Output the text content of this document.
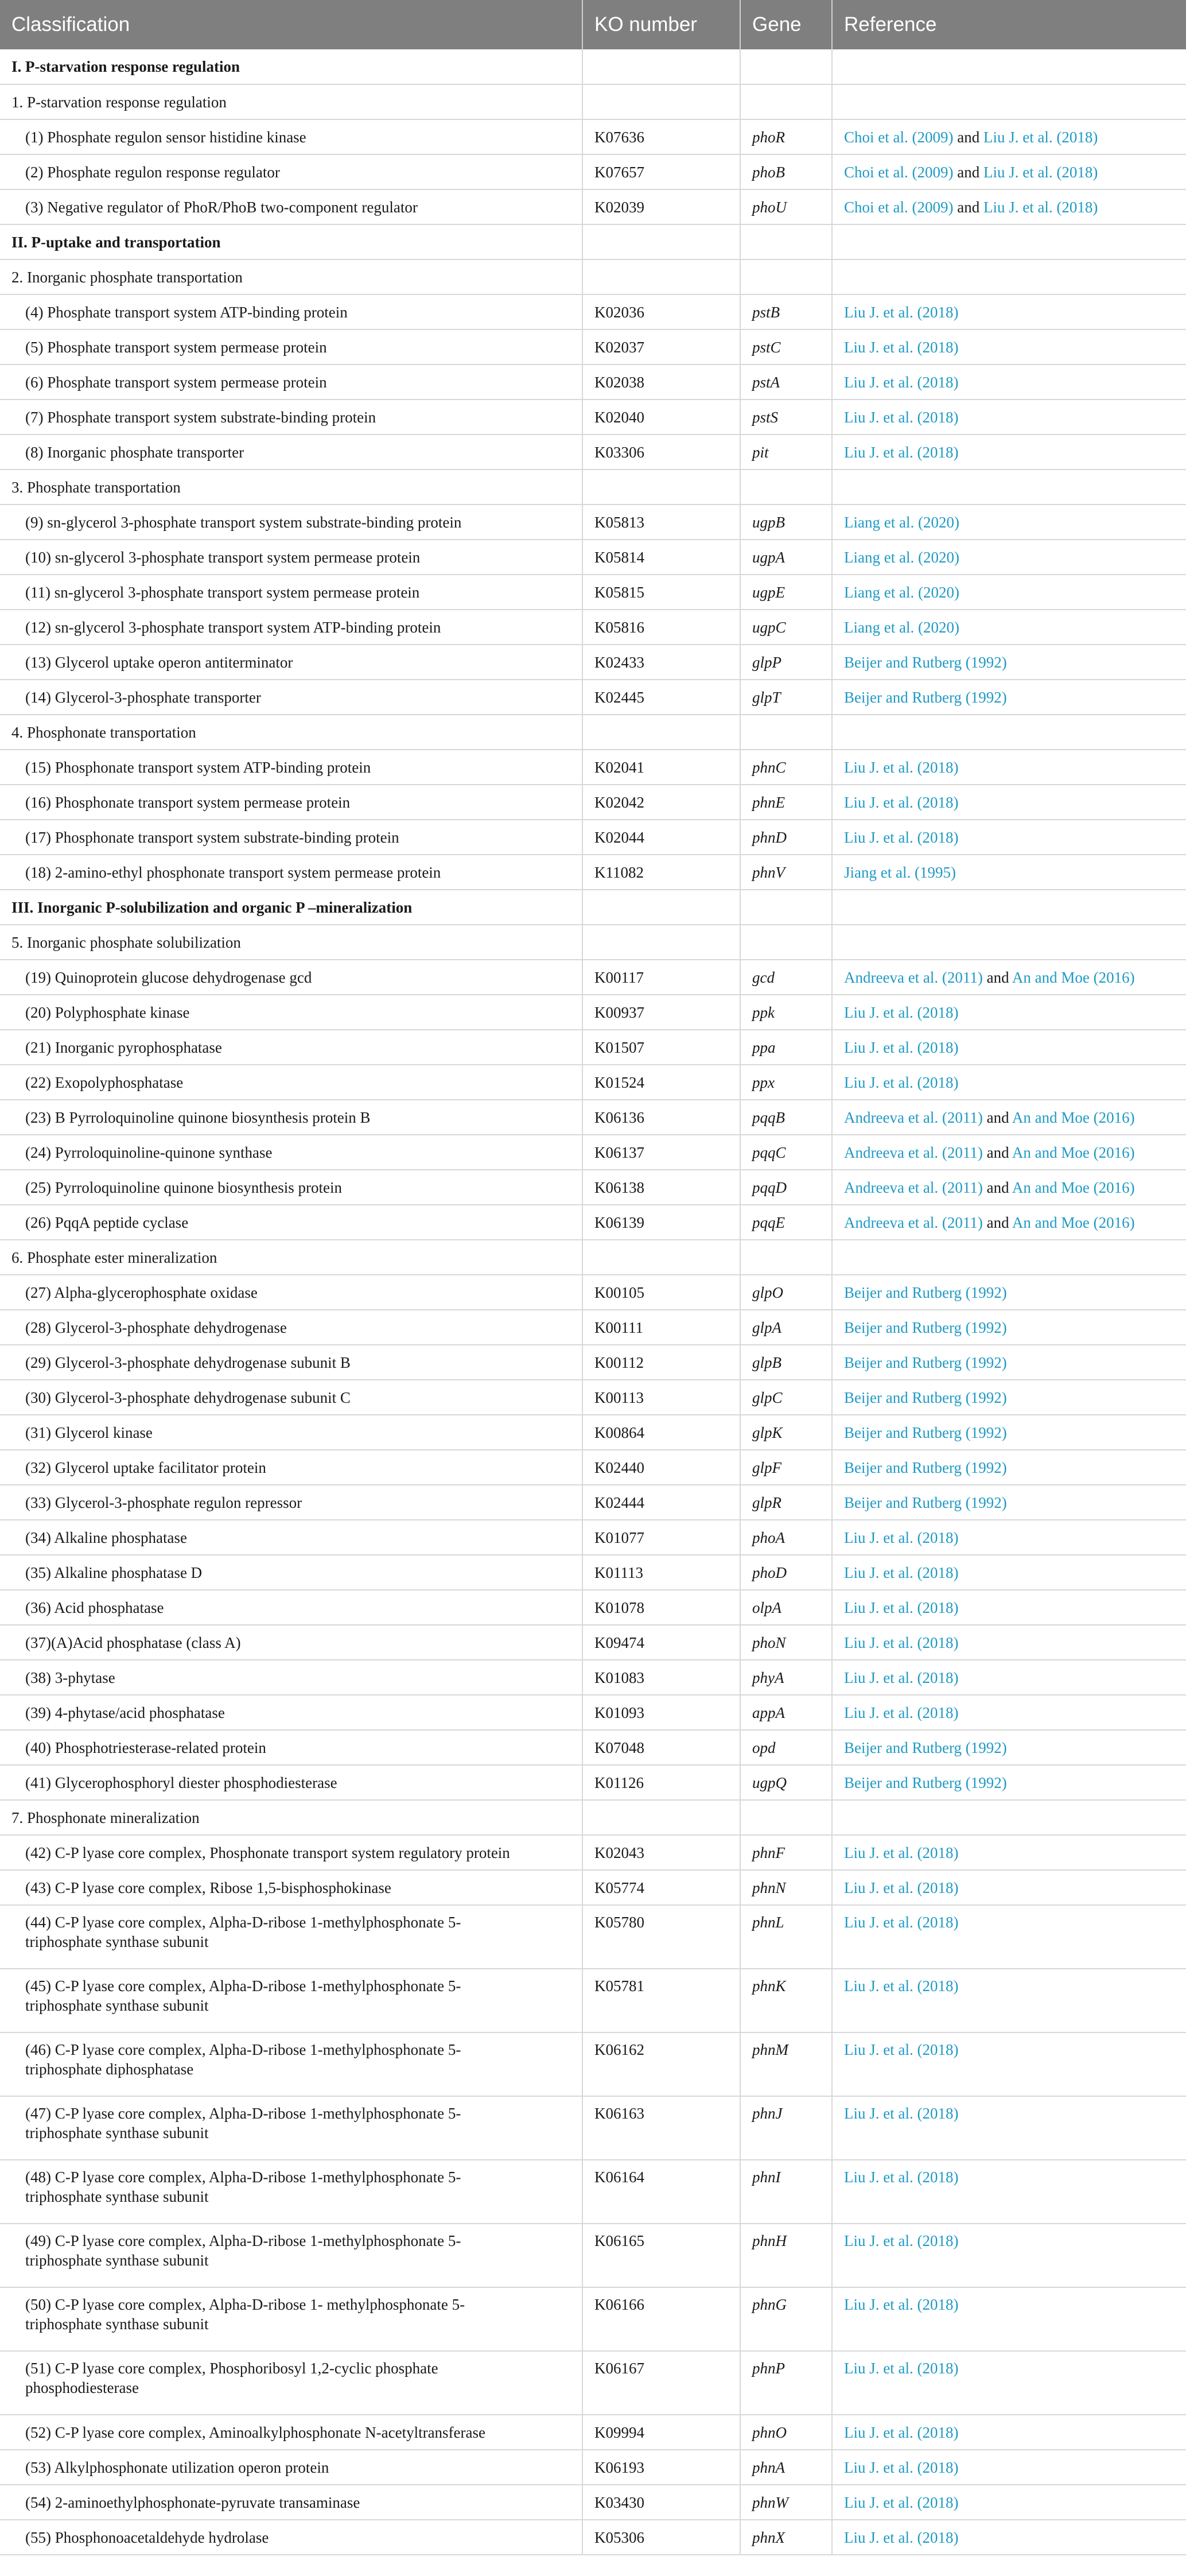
Classification	KO number	Gene	Reference
I. P-starvation response regulation			
1. P-starvation response regulation			
(1) Phosphate regulon sensor histidine kinase	K07636	phoR	Choi et al. (2009) and Liu J. et al. (2018)
(2) Phosphate regulon response regulator	K07657	phoB	Choi et al. (2009) and Liu J. et al. (2018)
(3) Negative regulator of PhoR/PhoB two-component regulator	K02039	phoU	Choi et al. (2009) and Liu J. et al. (2018)
II. P-uptake and transportation			
2. Inorganic phosphate transportation			
(4) Phosphate transport system ATP-binding protein	K02036	pstB	Liu J. et al. (2018)
(5) Phosphate transport system permease protein	K02037	pstC	Liu J. et al. (2018)
(6) Phosphate transport system permease protein	K02038	pstA	Liu J. et al. (2018)
(7) Phosphate transport system substrate-binding protein	K02040	pstS	Liu J. et al. (2018)
(8) Inorganic phosphate transporter	K03306	pit	Liu J. et al. (2018)
3. Phosphate transportation			
(9) sn-glycerol 3-phosphate transport system substrate-binding protein	K05813	ugpB	Liang et al. (2020)
(10) sn-glycerol 3-phosphate transport system permease protein	K05814	ugpA	Liang et al. (2020)
(11) sn-glycerol 3-phosphate transport system permease protein	K05815	ugpE	Liang et al. (2020)
(12) sn-glycerol 3-phosphate transport system ATP-binding protein	K05816	ugpC	Liang et al. (2020)
(13) Glycerol uptake operon antiterminator	K02433	glpP	Beijer and Rutberg (1992)
(14) Glycerol-3-phosphate transporter	K02445	glpT	Beijer and Rutberg (1992)
4. Phosphonate transportation			
(15) Phosphonate transport system ATP-binding protein	K02041	phnC	Liu J. et al. (2018)
(16) Phosphonate transport system permease protein	K02042	phnE	Liu J. et al. (2018)
(17) Phosphonate transport system substrate-binding protein	K02044	phnD	Liu J. et al. (2018)
(18) 2-amino-ethyl phosphonate transport system permease protein	K11082	phnV	Jiang et al. (1995)
III. Inorganic P-solubilization and organic P –mineralization			
5. Inorganic phosphate solubilization			
(19) Quinoprotein glucose dehydrogenase gcd	K00117	gcd	Andreeva et al. (2011) and An and Moe (2016)
(20) Polyphosphate kinase	K00937	ppk	Liu J. et al. (2018)
(21) Inorganic pyrophosphatase	K01507	ppa	Liu J. et al. (2018)
(22) Exopolyphosphatase	K01524	ppx	Liu J. et al. (2018)
(23) B Pyrroloquinoline quinone biosynthesis protein B	K06136	pqqB	Andreeva et al. (2011) and An and Moe (2016)
(24) Pyrroloquinoline-quinone synthase	K06137	pqqC	Andreeva et al. (2011) and An and Moe (2016)
(25) Pyrroloquinoline quinone biosynthesis protein	K06138	pqqD	Andreeva et al. (2011) and An and Moe (2016)
(26) PqqA peptide cyclase	K06139	pqqE	Andreeva et al. (2011) and An and Moe (2016)
6. Phosphate ester mineralization			
(27) Alpha-glycerophosphate oxidase	K00105	glpO	Beijer and Rutberg (1992)
(28) Glycerol-3-phosphate dehydrogenase	K00111	glpA	Beijer and Rutberg (1992)
(29) Glycerol-3-phosphate dehydrogenase subunit B	K00112	glpB	Beijer and Rutberg (1992)
(30) Glycerol-3-phosphate dehydrogenase subunit C	K00113	glpC	Beijer and Rutberg (1992)
(31) Glycerol kinase	K00864	glpK	Beijer and Rutberg (1992)
(32) Glycerol uptake facilitator protein	K02440	glpF	Beijer and Rutberg (1992)
(33) Glycerol-3-phosphate regulon repressor	K02444	glpR	Beijer and Rutberg (1992)
(34) Alkaline phosphatase	K01077	phoA	Liu J. et al. (2018)
(35) Alkaline phosphatase D	K01113	phoD	Liu J. et al. (2018)
(36) Acid phosphatase	K01078	olpA	Liu J. et al. (2018)
(37)(A)Acid phosphatase (class A)	K09474	phoN	Liu J. et al. (2018)
(38) 3-phytase	K01083	phyA	Liu J. et al. (2018)
(39) 4-phytase/acid phosphatase	K01093	appA	Liu J. et al. (2018)
(40) Phosphotriesterase-related protein	K07048	opd	Beijer and Rutberg (1992)
(41) Glycerophosphoryl diester phosphodiesterase	K01126	ugpQ	Beijer and Rutberg (1992)
7. Phosphonate mineralization			
(42) C-P lyase core complex, Phosphonate transport system regulatory protein	K02043	phnF	Liu J. et al. (2018)
(43) C-P lyase core complex, Ribose 1,5-bisphosphokinase	K05774	phnN	Liu J. et al. (2018)
(44) C-P lyase core complex, Alpha-D-ribose 1-methylphosphonate 5-triphosphate synthase subunit	K05780	phnL	Liu J. et al. (2018)
(45) C-P lyase core complex, Alpha-D-ribose 1-methylphosphonate 5-triphosphate synthase subunit	K05781	phnK	Liu J. et al. (2018)
(46) C-P lyase core complex, Alpha-D-ribose 1-methylphosphonate 5-triphosphate diphosphatase	K06162	phnM	Liu J. et al. (2018)
(47) C-P lyase core complex, Alpha-D-ribose 1-methylphosphonate 5-triphosphate synthase subunit	K06163	phnJ	Liu J. et al. (2018)
(48) C-P lyase core complex, Alpha-D-ribose 1-methylphosphonate 5-triphosphate synthase subunit	K06164	phnI	Liu J. et al. (2018)
(49) C-P lyase core complex, Alpha-D-ribose 1-methylphosphonate 5-triphosphate synthase subunit	K06165	phnH	Liu J. et al. (2018)
(50) C-P lyase core complex, Alpha-D-ribose 1- methylphosphonate 5-triphosphate synthase subunit	K06166	phnG	Liu J. et al. (2018)
(51) C-P lyase core complex, Phosphoribosyl 1,2-cyclic phosphate phosphodiesterase	K06167	phnP	Liu J. et al. (2018)
(52) C-P lyase core complex, Aminoalkylphosphonate N-acetyltransferase	K09994	phnO	Liu J. et al. (2018)
(53) Alkylphosphonate utilization operon protein	K06193	phnA	Liu J. et al. (2018)
(54) 2-aminoethylphosphonate-pyruvate transaminase	K03430	phnW	Liu J. et al. (2018)
(55) Phosphonoacetaldehyde hydrolase	K05306	phnX	Liu J. et al. (2018)
